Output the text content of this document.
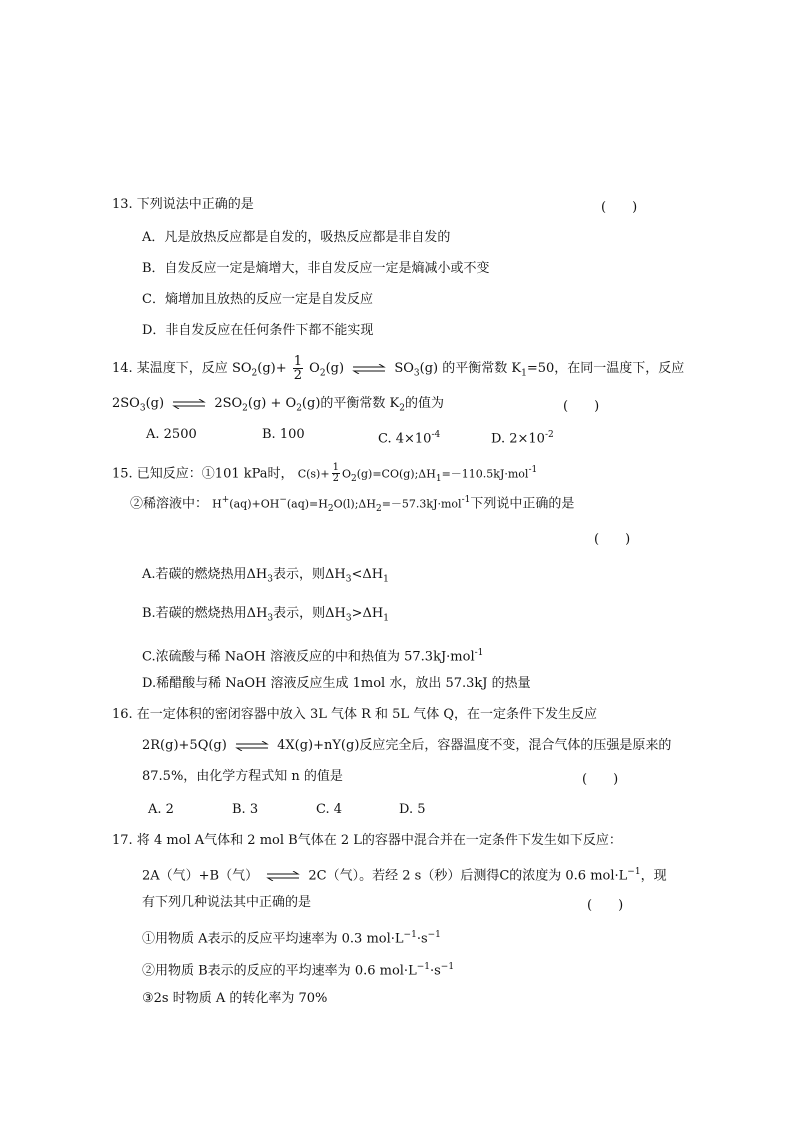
13. 下列说法中正确的是	(　　)
A．凡是放热反应都是自发的，吸热反应都是非自发的
B．自发反应一定是熵增大，非自发反应一定是熵减小或不变
C．熵增加且放热的反应一定是自发反应
D．非自发反应在任何条件下都不能实现
14. 某温度下，反应 $SO_2(g)+ \frac{1}{2} O_2(g)$ ⇌ $SO_3(g)$ 的平衡常数 $K_1=50$，在同一温度下，反应
$2SO_3(g)$ ⇌ $2SO_2(g) + O_2(g)$的平衡常数 $K_2$的值为	(　　)
A. 2500	B. 100	C. $4\times 10^{-4}$	D. $2\times 10^{-2}$
15. 已知反应：①101 kPa时， $C(s)+ \frac{1}{2}$ $O_2(g)=CO(g);\Delta H_1=-110.5kJ\cdot mol^{-1}$
②稀溶液中： $H^+(aq)+OH^-(aq)=H_2O(l);\Delta H_2=-57.3kJ\cdot mol^{-1}$下列说中正确的是
(　　)
A.若碳的燃烧热用$\Delta H_3$表示，则$\Delta H_3<\Delta H_1$
B.若碳的燃烧热用$\Delta H_3$表示，则$\Delta H_3>\Delta H_1$
C.浓硫酸与稀 NaOH 溶液反应的中和热值为 57.3kJ·mol$^{-1}$
D.稀醋酸与稀 NaOH 溶液反应生成 1mol 水，放出 57.3kJ 的热量
16. 在一定体积的密闭容器中放入 3L 气体 R 和 5L 气体 Q，在一定条件下发生反应
2R(g)+5Q(g) ⇌ 4X(g)+nY(g)反应完全后，容器温度不变，混合气体的压强是原来的
87.5%，由化学方程式知 n 的值是	(　　)
A. 2	B. 3	C. 4	D. 5
17. 将 4 mol A气体和 2 mol B气体在 2 L的容器中混合并在一定条件下发生如下反应：
2A（气）+B（气） ⇌ 2C（气）。若经 2 s（秒）后测得C的浓度为 0.6 $mol\cdot L^{-1}$，现
有下列几种说法其中正确的是	(　　)
①用物质 A表示的反应平均速率为 0.3 $mol\cdot L^{-1}\cdot s^{-1}$
②用物质 B表示的反应的平均速率为 0.6 $mol\cdot L^{-1}\cdot s^{-1}$
③2s 时物质 A 的转化率为 70%
